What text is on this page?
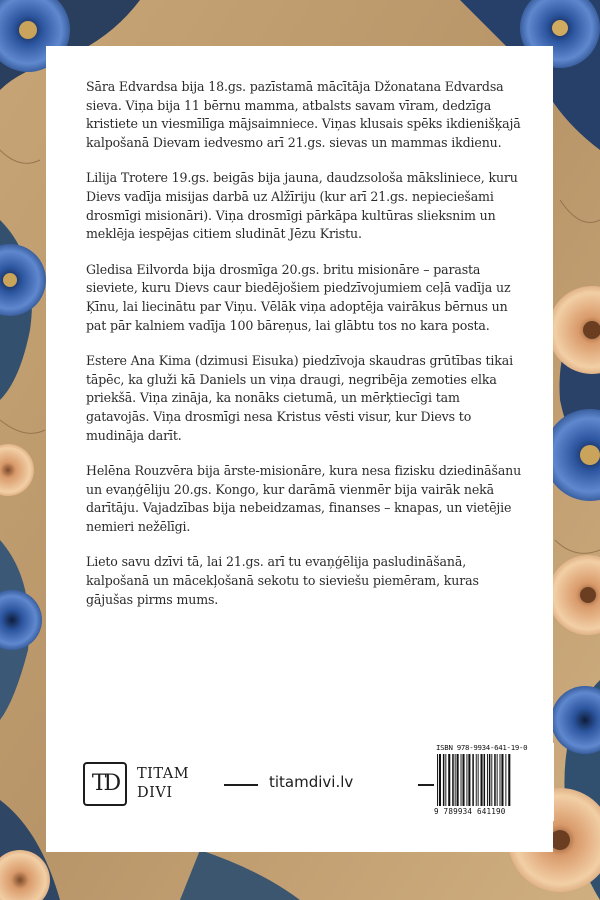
Sāra Edvardsa bija 18.gs. pazīstamā mācītāja Džonatana Edvardsa sieva. Viņa bija 11 bērnu mamma, atbalsts savam vīram, dedzīga kristiete un viesmīlīga mājsaimniece. Viņas klusais spēks ikdienišķajā kalpošanā Dievam iedvesmo arī 21.gs. sievas un mammas ikdienu.

Lilija Trotere 19.gs. beigās bija jauna, daudzsološa māksliniece, kuru Dievs vadīja misijas darbā uz Alžīriju (kur arī 21.gs. nepieciešami drosmīgi misionāri). Viņa drosmīgi pārkāpa kultūras slieksnim un meklēja iespējas citiem sludināt Jēzu Kristu.

Gledisa Eilvorda bija drosmīga 20.gs. britu misionāre – parasta sieviete, kuru Dievs caur biedējošiem piedzīvojumiem ceļā vadīja uz Ķīnu, lai liecinātu par Viņu. Vēlāk viņa adoptēja vairākus bērnus un pat pār kalniem vadīja 100 bāreņus, lai glābtu tos no kara posta.

Estere Ana Kima (dzimusi Eisuka) piedzīvoja skaudras grūtības tikai tāpēc, ka gluži kā Daniels un viņa draugi, negribēja zemoties elka priekšā. Viņa zināja, ka nonāks cietumā, un mērķtiecīgi tam gatavojās. Viņa drosmīgi nesa Kristus vēsti visur, kur Dievs to mudināja darīt.

Helēna Rouzvēra bija ārste-misionāre, kura nesa fizisku dziedināšanu un evaņģēliju 20.gs. Kongo, kur darāmā vienmēr bija vairāk nekā darītāju. Vajadzības bija nebeidzamas, finanses – knapas, un vietējie nemieri nežēlīgi.

Lieto savu dzīvi tā, lai 21.gs. arī tu evaņģēlija pasludināšanā, kalpošanā un mācekļošanā sekotu to sieviešu piemēram, kuras gājušas pirms mums.

TD	TITAM
DIVI
titamdivi.lv
ISBN 978-9934-641-19-0
9 789934 641190
